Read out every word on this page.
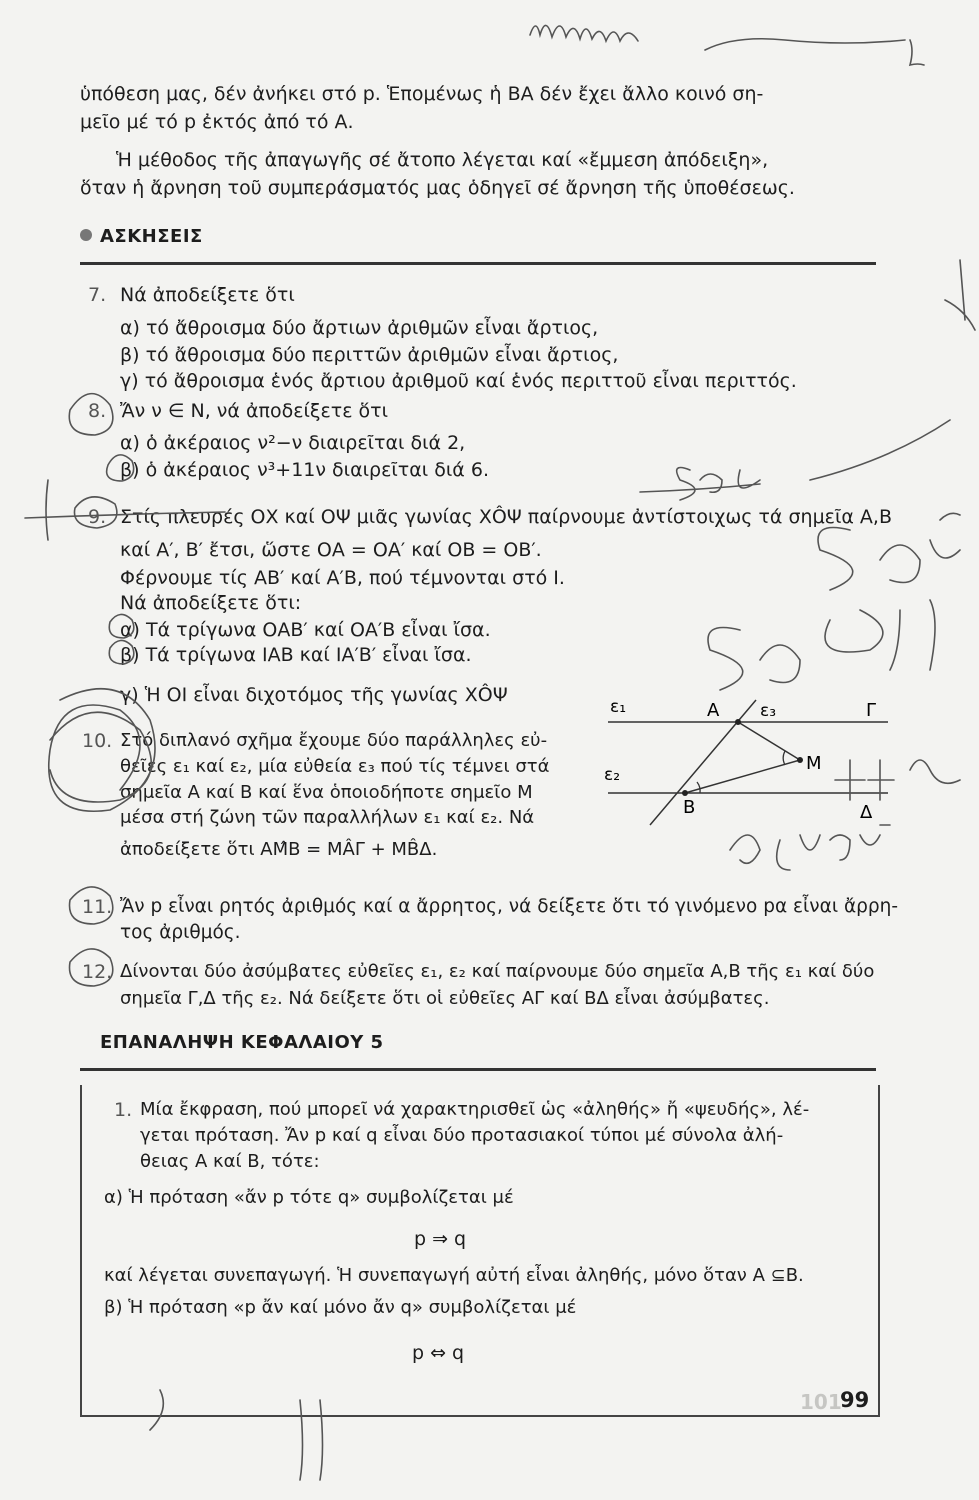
101
ὑπόθεση μας, δέν ἀνήκει στό p. Ἑπομένως ἡ ΒΑ δέν ἔχει ἄλλο κοινό ση-
μεῖο μέ τό p ἐκτός ἀπό τό Α.
Ἡ μέθοδος τῆς ἀπαγωγῆς σέ ἄτοπο λέγεται καί «ἔμμεση ἀπόδειξη»,
ὅταν ἡ ἄρνηση τοῦ συμπεράσματός μας ὁδηγεῖ σέ ἄρνηση τῆς ὑποθέσεως.
ΑΣΚΗΣΕΙΣ
7. Νά ἀποδείξετε ὅτι
α) τό ἄθροισμα δύο ἄρτιων ἀριθμῶν εἶναι ἄρτιος,
β) τό ἄθροισμα δύο περιττῶν ἀριθμῶν εἶναι ἄρτιος,
γ) τό ἄθροισμα ἑνός ἄρτιου ἀριθμοῦ καί ἑνός περιττοῦ εἶναι περιττός.
8. Ἄν ν ∈ N, νά ἀποδείξετε ὅτι
α) ὁ ἀκέραιος ν²−ν διαιρεῖται διά 2,
β) ὁ ἀκέραιος ν³+11ν διαιρεῖται διά 6.
9. Στίς πλευρές ΟΧ καί ΟΨ μιᾶς γωνίας ΧÔΨ παίρνουμε ἀντίστοιχως τά σημεῖα Α,Β
καί Α′, Β′ ἔτσι, ὥστε ΟΑ = ΟΑ′ καί ΟΒ = ΟΒ′.
Φέρνουμε τίς ΑΒ′ καί Α′Β, πού τέμνονται στό Ι.
Νά ἀποδείξετε ὅτι:
α) Τά τρίγωνα ΟΑΒ′ καί ΟΑ′Β εἶναι ἴσα.
β) Τά τρίγωνα ΙΑΒ καί ΙΑ′Β′ εἶναι ἴσα.
γ) Ἡ ΟΙ εἶναι διχοτόμος τῆς γωνίας ΧÔΨ
10. Στό διπλανό σχῆμα ἔχουμε δύο παράλληλες εὐ-
θεῖες ε₁ καί ε₂, μία εὐθεία ε₃ πού τίς τέμνει στά
σημεῖα Α καί Β καί ἕνα ὁποιοδήποτε σημεῖο Μ
μέσα στή ζώνη τῶν παραλλήλων ε₁ καί ε₂. Νά
ἀποδείξετε ὅτι ΑΜ̂Β = ΜÂΓ + ΜB̂Δ.
ε₁
ε₂
ε₃
Α
Β
Γ
Δ
Μ
11. Ἄν p εἶναι ρητός ἀριθμός καί α ἄρρητος, νά δείξετε ὅτι τό γινόμενο pα εἶναι ἄρρη-
τος ἀριθμός.
12. Δίνονται δύο ἀσύμβατες εὐθεῖες ε₁, ε₂ καί παίρνουμε δύο σημεῖα Α,Β τῆς ε₁ καί δύο
σημεῖα Γ,Δ τῆς ε₂. Νά δείξετε ὅτι οἱ εὐθεῖες ΑΓ καί ΒΔ εἶναι ἀσύμβατες.
ΕΠΑΝΑΛΗΨΗ ΚΕΦΑΛΑΙΟΥ 5
1. Μία ἔκφραση, πού μπορεῖ νά χαρακτηρισθεῖ ὡς «ἀληθής» ἤ «ψευδής», λέ-
γεται πρόταση. Ἄν p καί q εἶναι δύο προτασιακοί τύποι μέ σύνολα ἀλή-
θειας Α καί Β, τότε:
α) Ἡ πρόταση «ἄν p τότε q» συμβολίζεται μέ
p ⇒ q
καί λέγεται συνεπαγωγή. Ἡ συνεπαγωγή αὐτή εἶναι ἀληθής, μόνο ὅταν Α ⊆Β.
β) Ἡ πρόταση «p ἄν καί μόνο ἄν q» συμβολίζεται μέ
p ⇔ q
99
